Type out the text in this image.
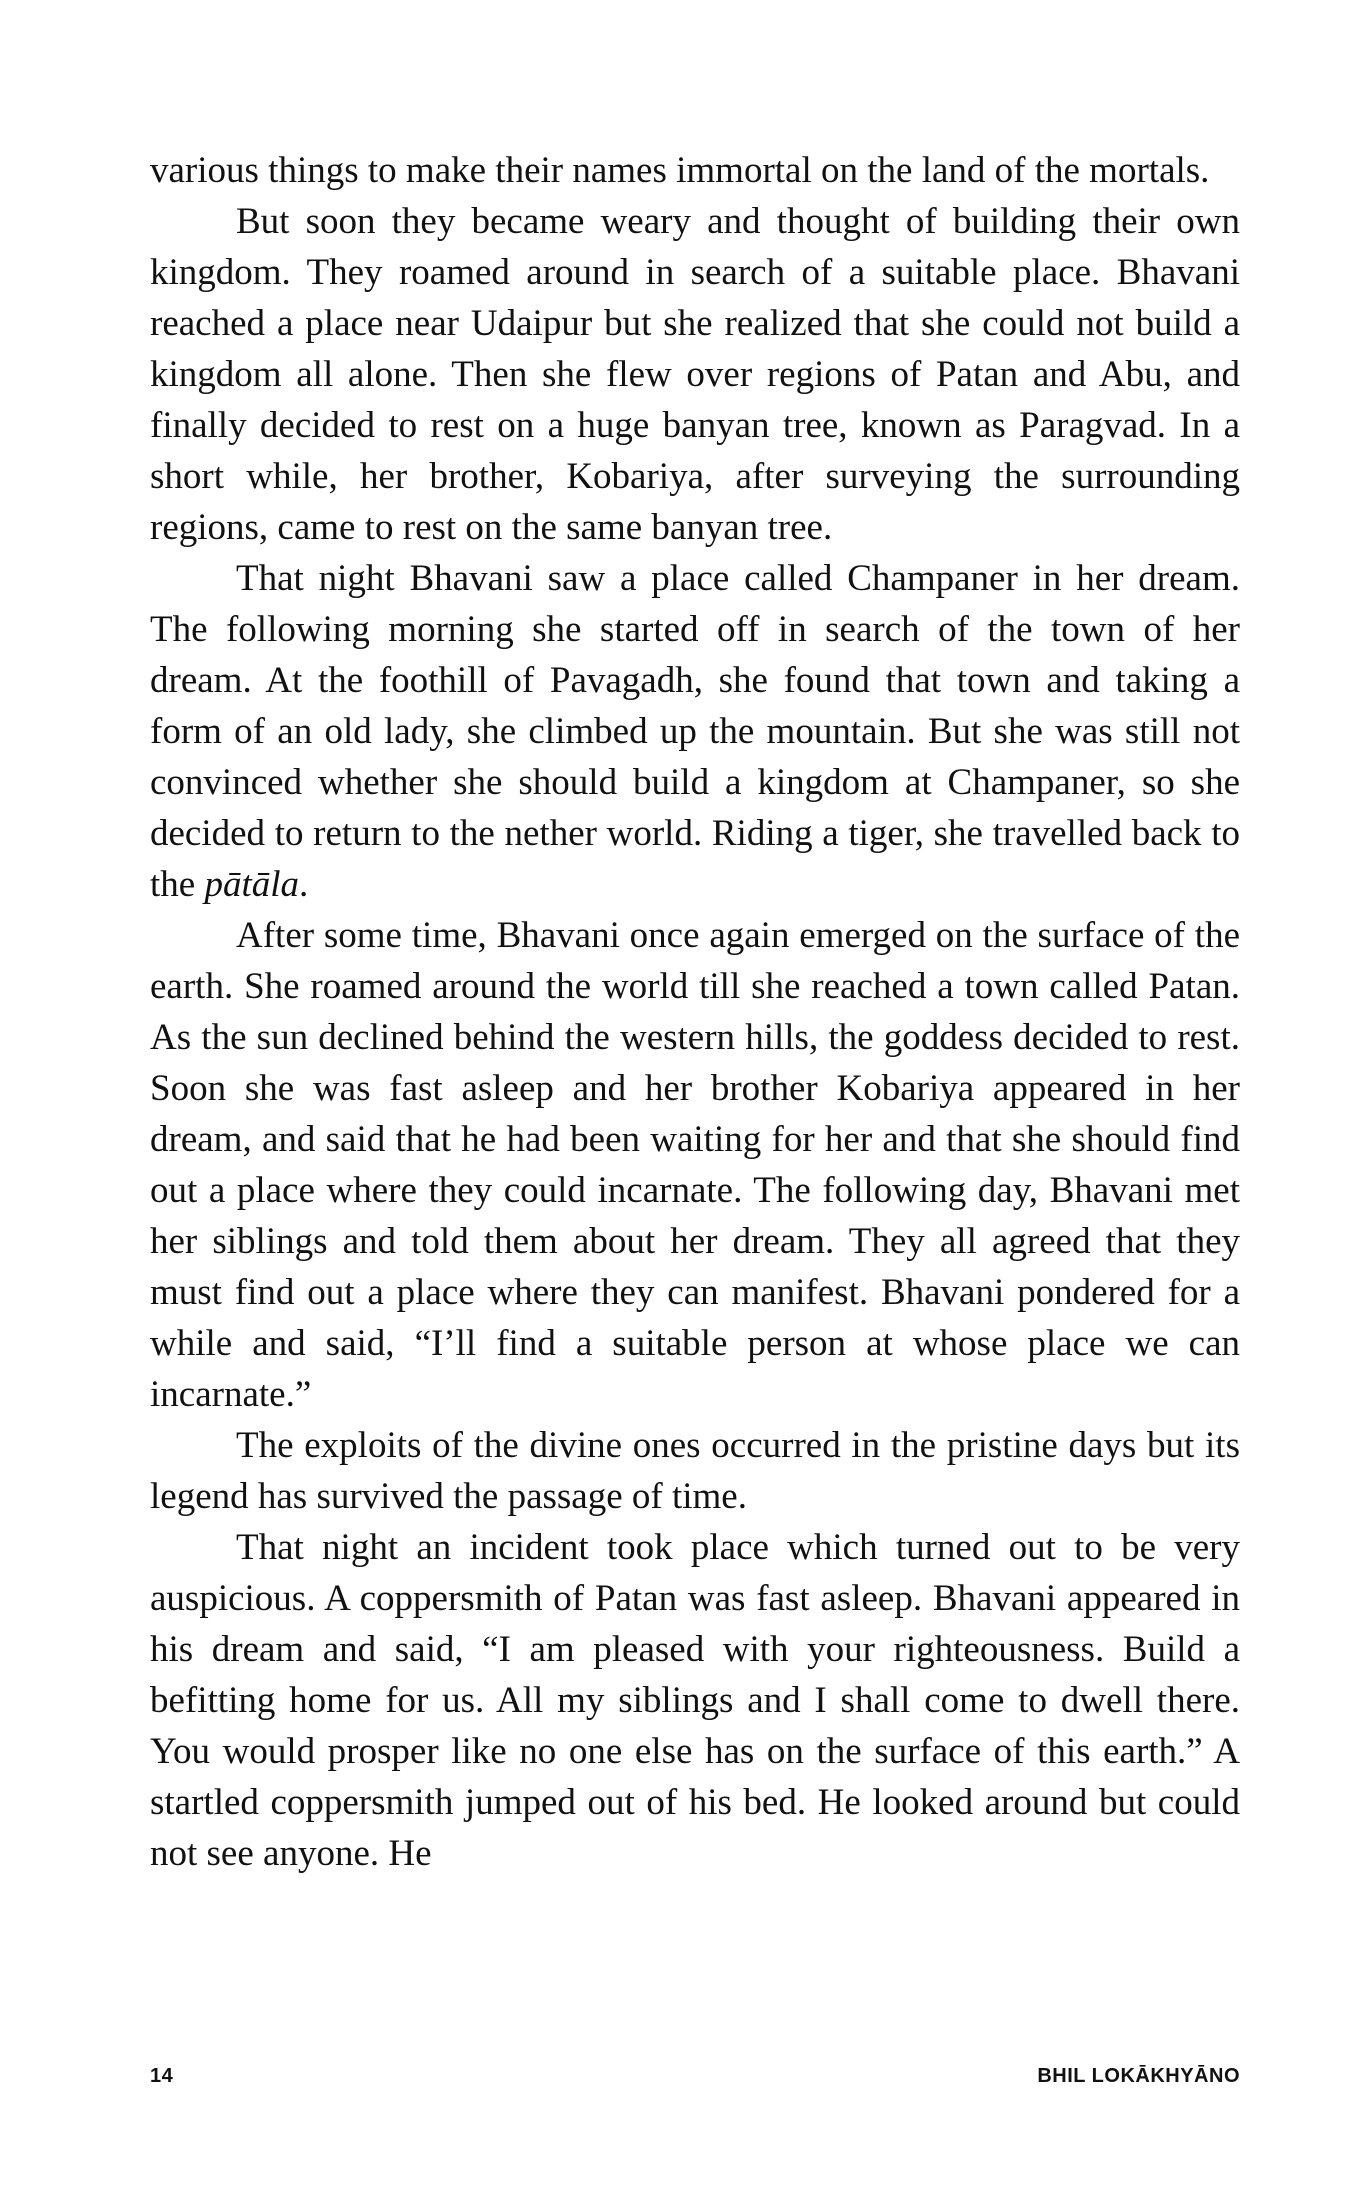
various things to make their names immortal on the land of the mortals.

But soon they became weary and thought of building their own kingdom. They roamed around in search of a suitable place. Bhavani reached a place near Udaipur but she realized that she could not build a kingdom all alone. Then she flew over regions of Patan and Abu, and finally decided to rest on a huge banyan tree, known as Paragvad. In a short while, her brother, Kobariya, after surveying the surrounding regions, came to rest on the same banyan tree.

That night Bhavani saw a place called Champaner in her dream. The following morning she started off in search of the town of her dream. At the foothill of Pavagadh, she found that town and taking a form of an old lady, she climbed up the mountain. But she was still not convinced whether she should build a kingdom at Champaner, so she decided to return to the nether world. Riding a tiger, she travelled back to the pātāla.

After some time, Bhavani once again emerged on the surface of the earth. She roamed around the world till she reached a town called Patan. As the sun declined behind the western hills, the goddess decided to rest. Soon she was fast asleep and her brother Kobariya appeared in her dream, and said that he had been waiting for her and that she should find out a place where they could incarnate. The following day, Bhavani met her siblings and told them about her dream. They all agreed that they must find out a place where they can manifest. Bhavani pondered for a while and said, “I’ll find a suitable person at whose place we can incarnate.”

The exploits of the divine ones occurred in the pristine days but its legend has survived the passage of time.

That night an incident took place which turned out to be very auspicious. A coppersmith of Patan was fast asleep. Bhavani appeared in his dream and said, “I am pleased with your righteousness. Build a befitting home for us. All my siblings and I shall come to dwell there. You would prosper like no one else has on the surface of this earth.” A startled coppersmith jumped out of his bed. He looked around but could not see anyone. He

14	BHIL LOKĀKHYĀNO
